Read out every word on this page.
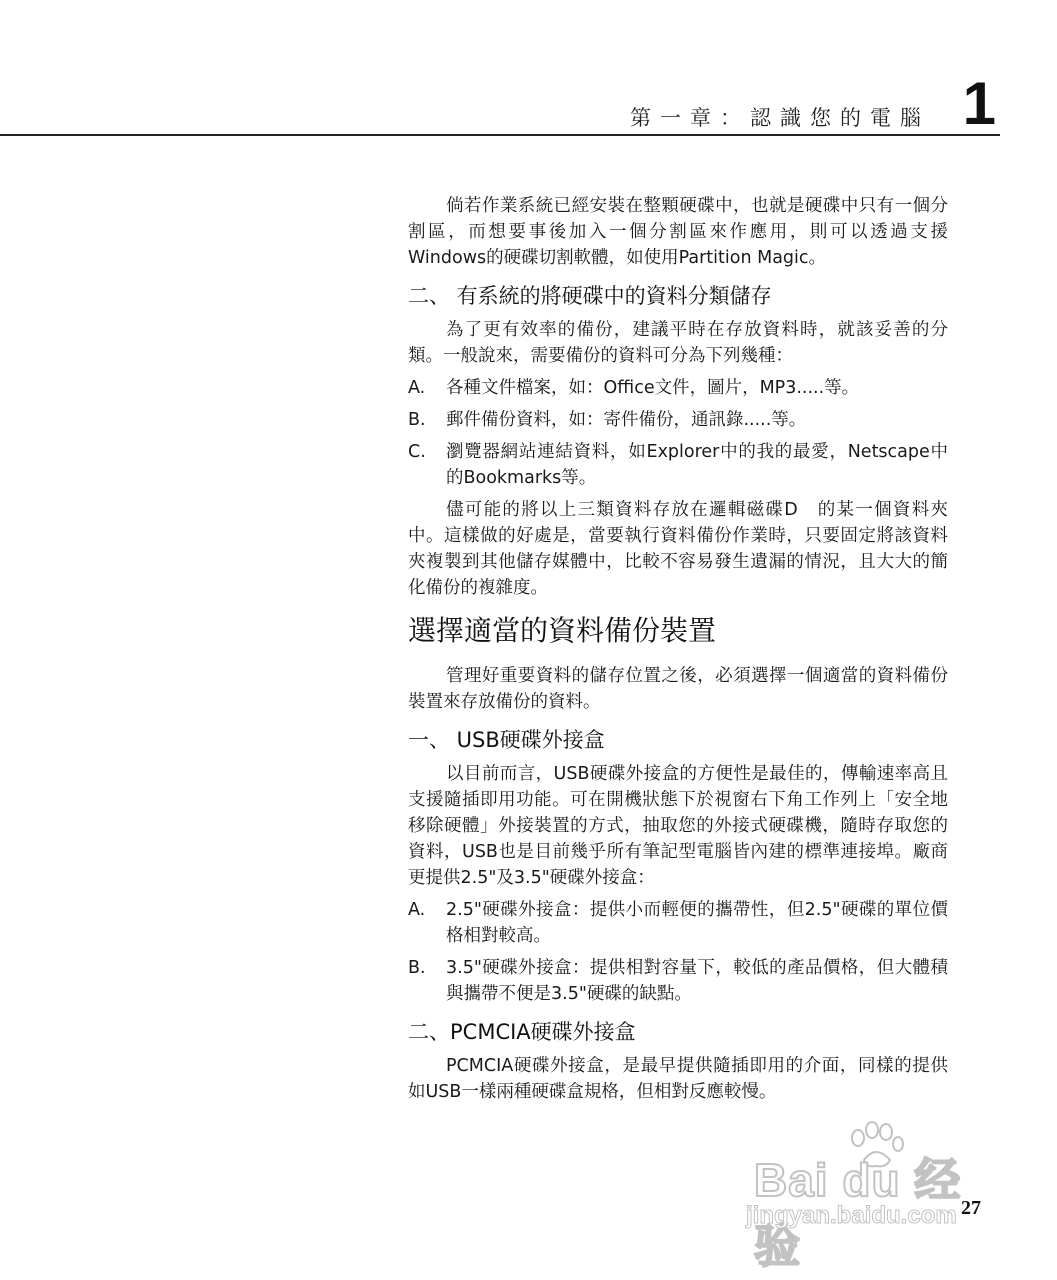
第一章：認識您的電腦 1

倘若作業系統已經安裝在整顆硬碟中，也就是硬碟中只有一個分割區，而想要事後加入一個分割區來作應用，則可以透過支援Windows的硬碟切割軟體，如使用Partition Magic。

二、 有系統的將硬碟中的資料分類儲存

為了更有效率的備份，建議平時在存放資料時，就該妥善的分類。一般說來，需要備份的資料可分為下列幾種：

A.	各種文件檔案，如：Office文件，圖片，MP3.....等。
B.	郵件備份資料，如：寄件備份，通訊錄.....等。
C.	瀏覽器網站連結資料，如Explorer中的我的最愛，Netscape中的Bookmarks等。

儘可能的將以上三類資料存放在邏輯磁碟D　的某一個資料夾中。這樣做的好處是，當要執行資料備份作業時，只要固定將該資料夾複製到其他儲存媒體中，比較不容易發生遺漏的情況，且大大的簡化備份的複雜度。

選擇適當的資料備份裝置

管理好重要資料的儲存位置之後，必須選擇一個適當的資料備份裝置來存放備份的資料。

一、 USB硬碟外接盒

以目前而言，USB硬碟外接盒的方便性是最佳的，傳輸速率高且支援隨插即用功能。可在開機狀態下於視窗右下角工作列上「安全地移除硬體」外接裝置的方式，抽取您的外接式硬碟機，隨時存取您的資料，USB也是目前幾乎所有筆記型電腦皆內建的標準連接埠。廠商更提供2.5"及3.5"硬碟外接盒：

A.	2.5"硬碟外接盒：提供小而輕便的攜帶性，但2.5"硬碟的單位價格相對較高。
B.	3.5"硬碟外接盒：提供相對容量下，較低的產品價格，但大體積與攜帶不便是3.5"硬碟的缺點。
二、PCMCIA硬碟外接盒

PCMCIA硬碟外接盒，是最早提供隨插即用的介面，同樣的提供如USB一樣兩種硬碟盒規格，但相對反應較慢。

Bai du 经验
jingyan.baidu.com 27
